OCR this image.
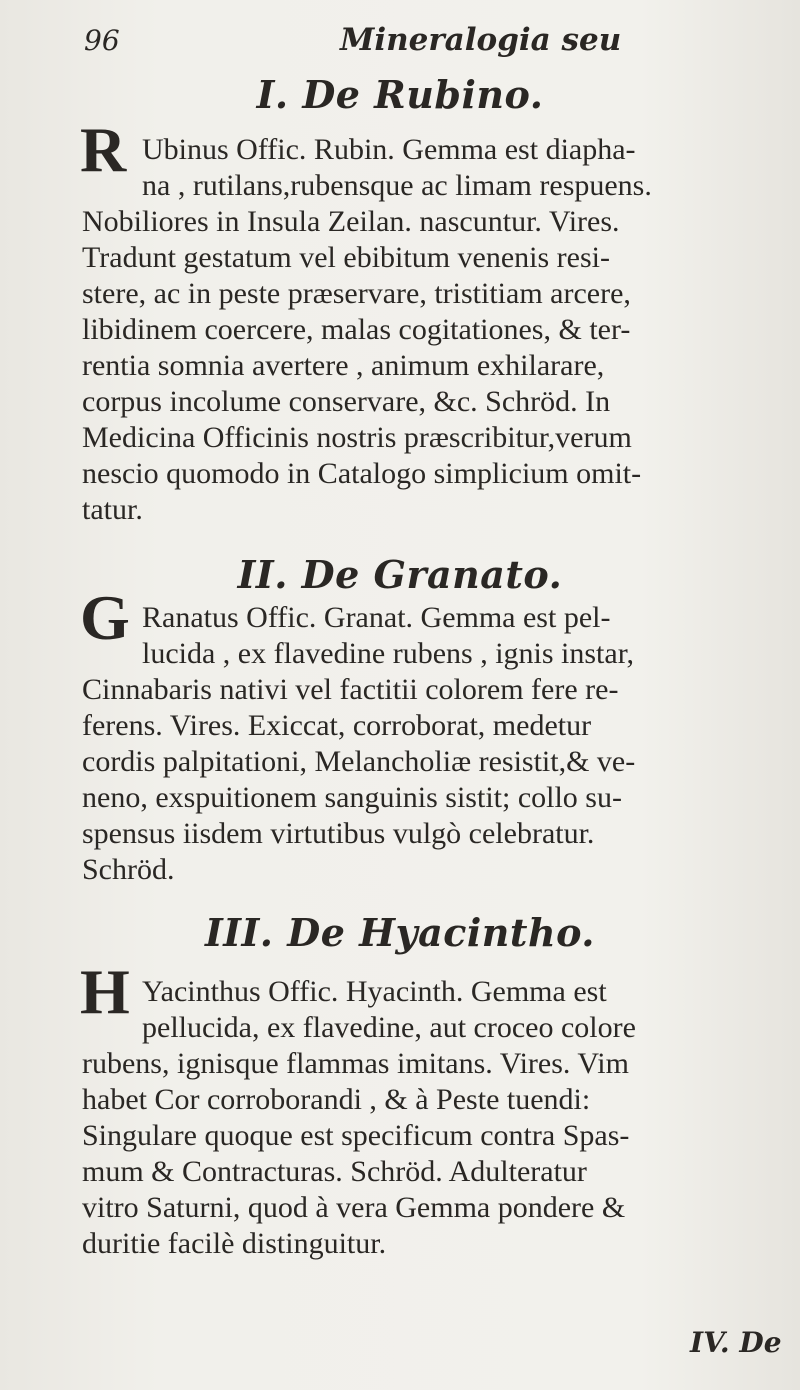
96	Mineralogia seu
I. De Rubino.
R Ubinus Offic. Rubin. Gemma est diapha-
na , rutilans,rubensque ac limam respuens.
Nobiliores in Insula Zeilan. nascuntur. Vires.
Tradunt gestatum vel ebibitum venenis resi-
stere, ac in peste præservare, tristitiam arcere,
libidinem coercere, malas cogitationes, & ter-
rentia somnia avertere , animum exhilarare,
corpus incolume conservare, &c. Schröd. In
Medicina Officinis nostris præscribitur,verum
nescio quomodo in Catalogo simplicium omit-
tatur.
II. De Granato.
G Ranatus Offic. Granat. Gemma est pel-
lucida , ex flavedine rubens , ignis instar,
Cinnabaris nativi vel factitii colorem fere re-
ferens. Vires. Exiccat, corroborat, medetur
cordis palpitationi, Melancholiæ resistit,& ve-
neno, exspuitionem sanguinis sistit; collo su-
spensus iisdem virtutibus vulgò celebratur.
Schröd.
III. De Hyacintho.
H Yacinthus Offic. Hyacinth. Gemma est
pellucida, ex flavedine, aut croceo colore
rubens, ignisque flammas imitans. Vires. Vim
habet Cor corroborandi , & à Peste tuendi:
Singulare quoque est specificum contra Spas-
mum & Contracturas. Schröd. Adulteratur
vitro Saturni, quod à vera Gemma pondere &
duritie facilè distinguitur.
IV. De
